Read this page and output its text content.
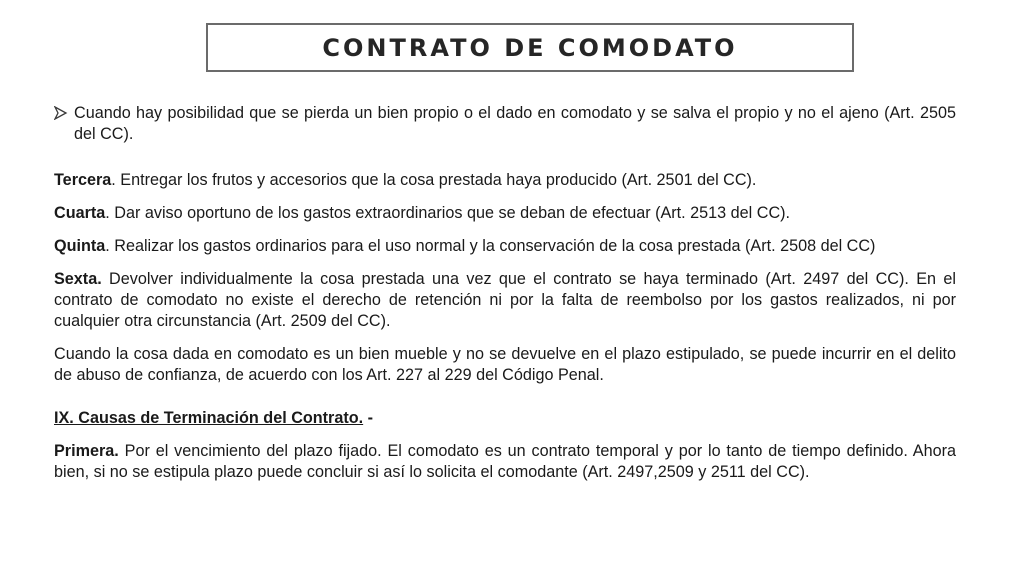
CONTRATO DE COMODATO
Cuando hay posibilidad que se pierda un bien propio o el dado en comodato y se salva el propio y no el ajeno (Art. 2505 del CC).

Tercera. Entregar los frutos y accesorios que la cosa prestada haya producido (Art. 2501 del CC).

Cuarta. Dar aviso oportuno de los gastos extraordinarios que se deban de efectuar (Art. 2513 del CC).

Quinta. Realizar los gastos ordinarios para el uso normal y la conservación de la cosa prestada (Art. 2508 del CC)

Sexta. Devolver individualmente la cosa prestada una vez que el contrato se haya terminado (Art. 2497 del CC). En el contrato de comodato no existe el derecho de retención ni por la falta de reembolso por los gastos realizados, ni por cualquier otra circunstancia (Art. 2509 del CC).

Cuando la cosa dada en comodato es un bien mueble y no se devuelve en el plazo estipulado, se puede incurrir en el delito de abuso de confianza, de acuerdo con los Art. 227 al 229 del Código Penal.

IX. Causas de Terminación del Contrato. -

Primera. Por el vencimiento del plazo fijado. El comodato es un contrato temporal y por lo tanto de tiempo definido. Ahora bien, si no se estipula plazo puede concluir si así lo solicita el comodante (Art. 2497,2509 y 2511 del CC).
